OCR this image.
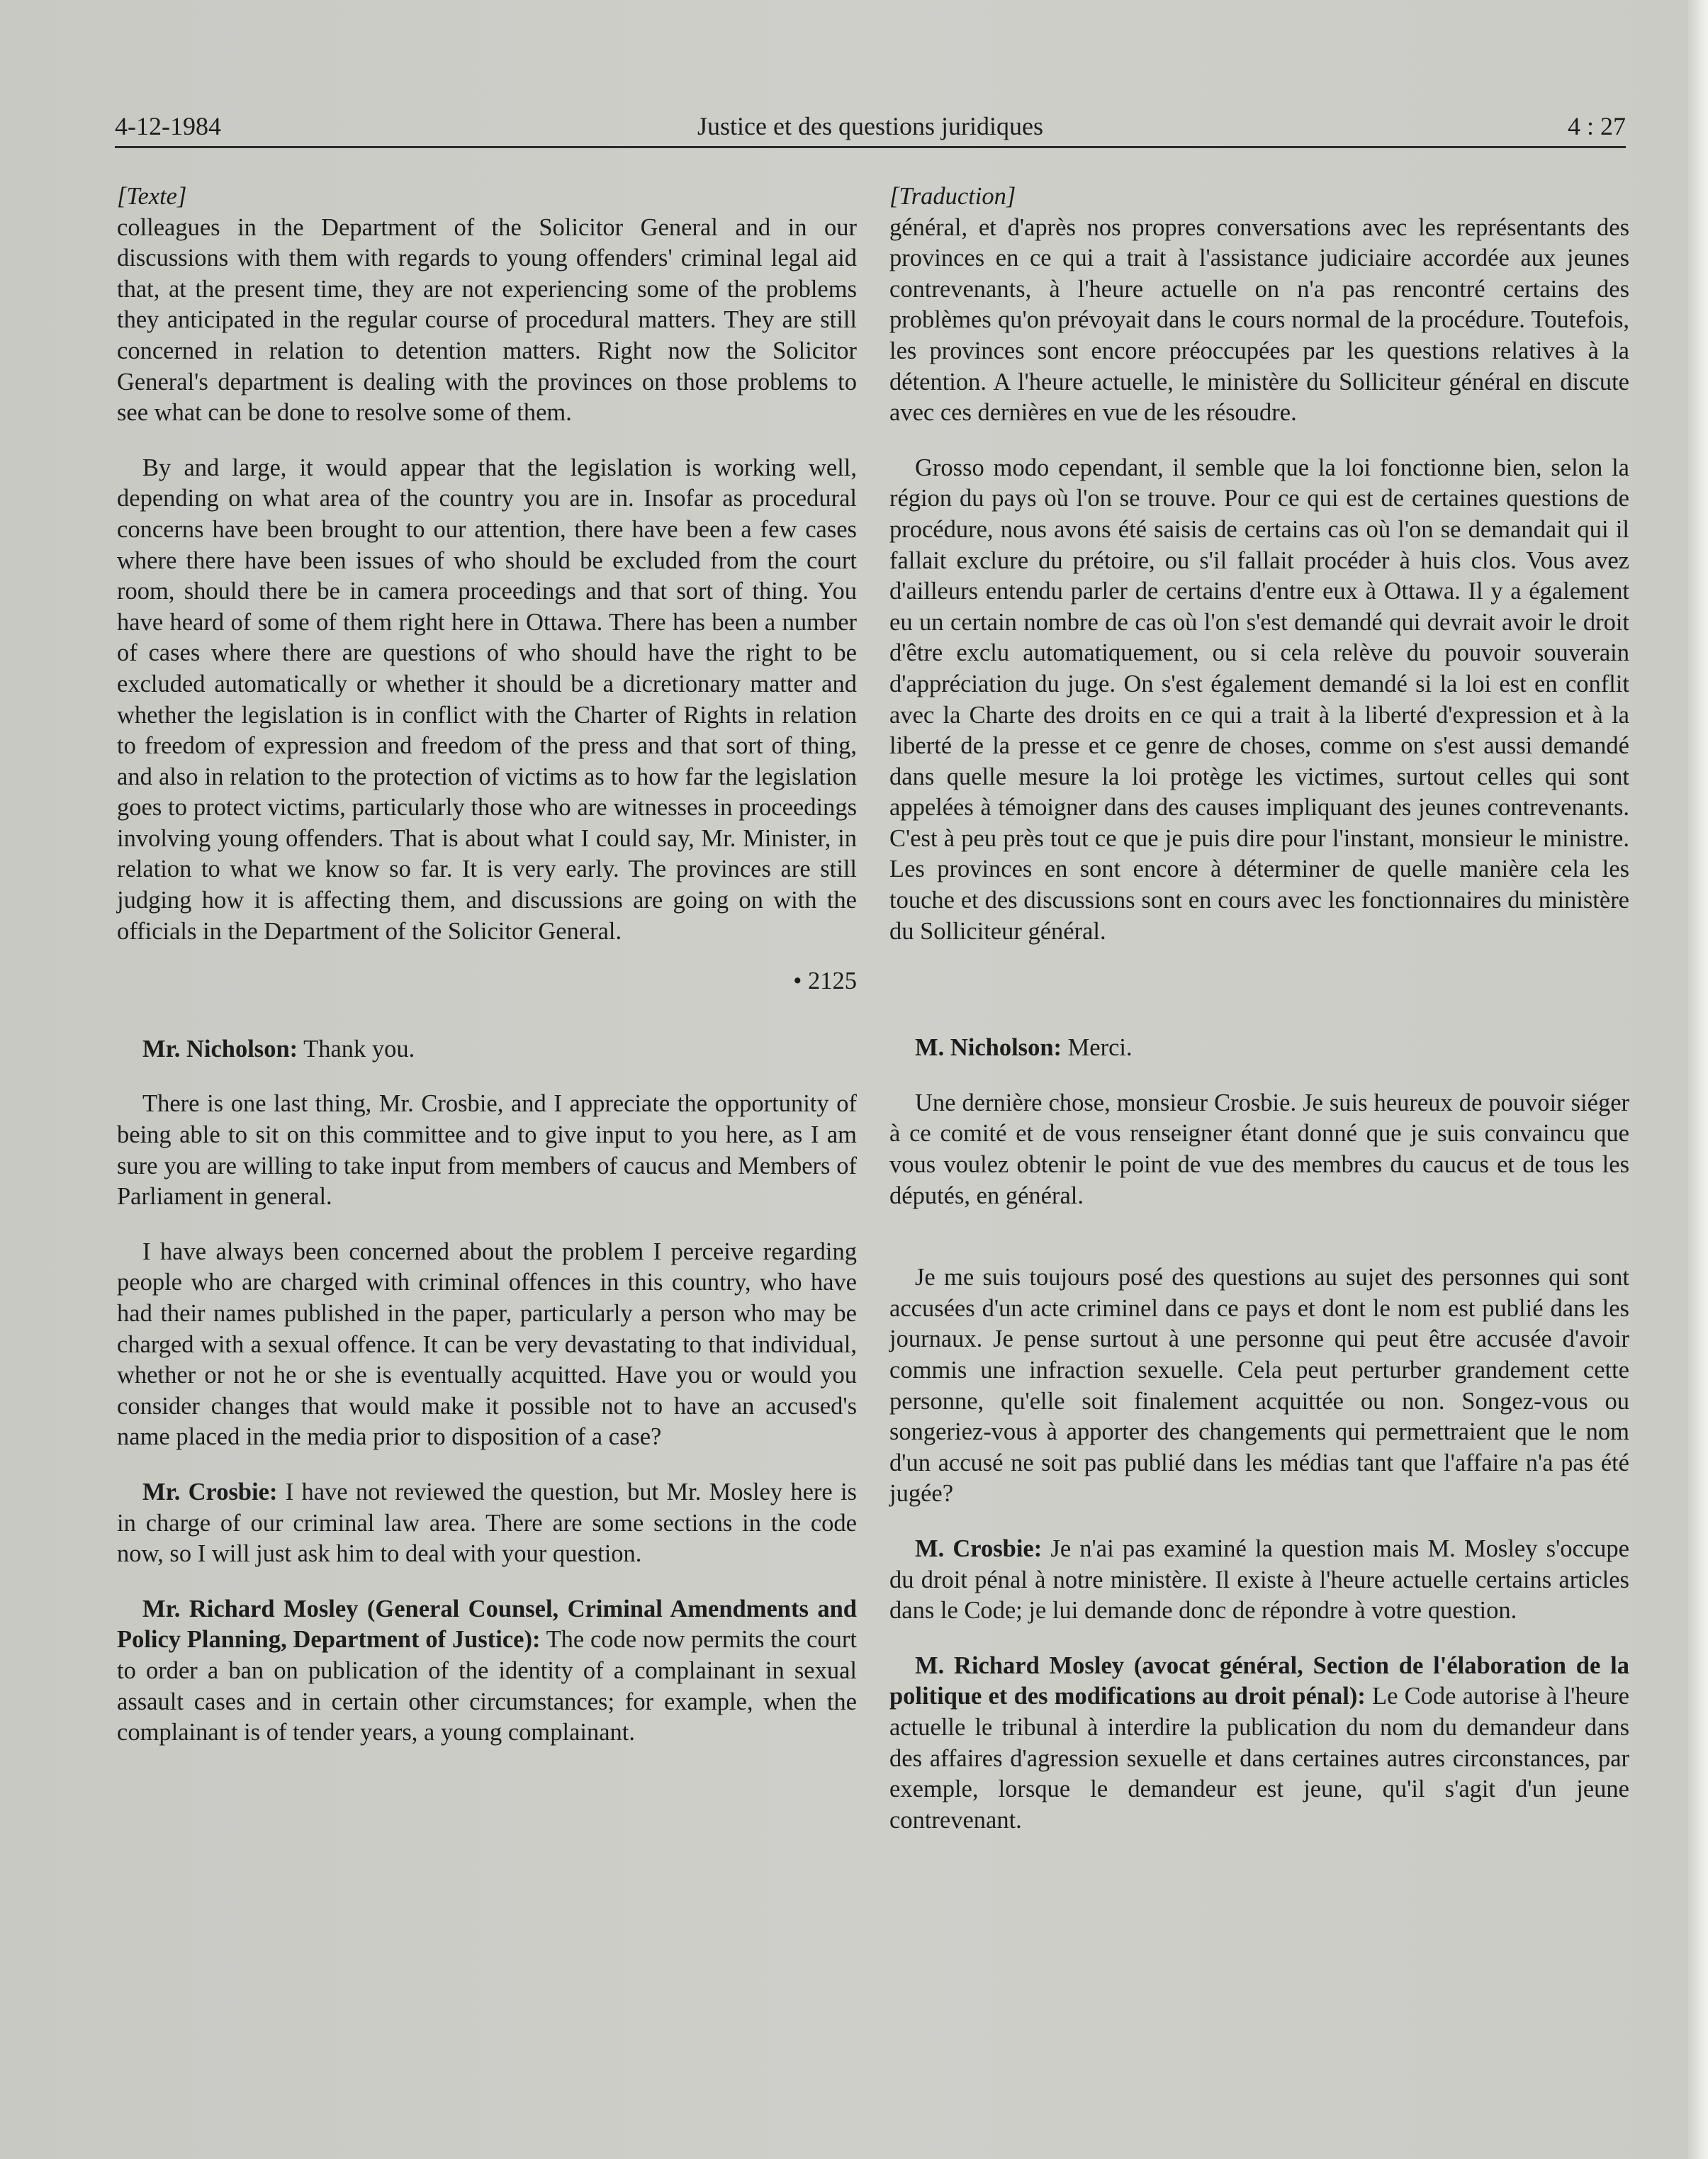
4-12-1984	Justice et des questions juridiques	4 : 27

[Texte]

colleagues in the Department of the Solicitor General and in our discussions with them with regards to young offenders' criminal legal aid that, at the present time, they are not experiencing some of the problems they anticipated in the regular course of procedural matters. They are still concerned in relation to detention matters. Right now the Solicitor General's department is dealing with the provinces on those problems to see what can be done to resolve some of them.

By and large, it would appear that the legislation is working well, depending on what area of the country you are in. Insofar as procedural concerns have been brought to our attention, there have been a few cases where there have been issues of who should be excluded from the court room, should there be in camera proceedings and that sort of thing. You have heard of some of them right here in Ottawa. There has been a number of cases where there are questions of who should have the right to be excluded automatically or whether it should be a dicretionary matter and whether the legislation is in conflict with the Charter of Rights in relation to freedom of expression and freedom of the press and that sort of thing, and also in relation to the protection of victims as to how far the legislation goes to protect victims, particularly those who are witnesses in proceedings involving young offenders. That is about what I could say, Mr. Minister, in relation to what we know so far. It is very early. The provinces are still judging how it is affecting them, and discussions are going on with the officials in the Department of the Solicitor General.

• 2125

Mr. Nicholson: Thank you.

There is one last thing, Mr. Crosbie, and I appreciate the opportunity of being able to sit on this committee and to give input to you here, as I am sure you are willing to take input from members of caucus and Members of Parliament in general.

I have always been concerned about the problem I perceive regarding people who are charged with criminal offences in this country, who have had their names published in the paper, particularly a person who may be charged with a sexual offence. It can be very devastating to that individual, whether or not he or she is eventually acquitted. Have you or would you consider changes that would make it possible not to have an accused's name placed in the media prior to disposition of a case?

Mr. Crosbie: I have not reviewed the question, but Mr. Mosley here is in charge of our criminal law area. There are some sections in the code now, so I will just ask him to deal with your question.

Mr. Richard Mosley (General Counsel, Criminal Amendments and Policy Planning, Department of Justice): The code now permits the court to order a ban on publication of the identity of a complainant in sexual assault cases and in certain other circumstances; for example, when the complainant is of tender years, a young complainant.

[Traduction]

général, et d'après nos propres conversations avec les représentants des provinces en ce qui a trait à l'assistance judiciaire accordée aux jeunes contrevenants, à l'heure actuelle on n'a pas rencontré certains des problèmes qu'on prévoyait dans le cours normal de la procédure. Toutefois, les provinces sont encore préoccupées par les questions relatives à la détention. A l'heure actuelle, le ministère du Solliciteur général en discute avec ces dernières en vue de les résoudre.

Grosso modo cependant, il semble que la loi fonctionne bien, selon la région du pays où l'on se trouve. Pour ce qui est de certaines questions de procédure, nous avons été saisis de certains cas où l'on se demandait qui il fallait exclure du prétoire, ou s'il fallait procéder à huis clos. Vous avez d'ailleurs entendu parler de certains d'entre eux à Ottawa. Il y a également eu un certain nombre de cas où l'on s'est demandé qui devrait avoir le droit d'être exclu automatiquement, ou si cela relève du pouvoir souverain d'appréciation du juge. On s'est également demandé si la loi est en conflit avec la Charte des droits en ce qui a trait à la liberté d'expression et à la liberté de la presse et ce genre de choses, comme on s'est aussi demandé dans quelle mesure la loi protège les victimes, surtout celles qui sont appelées à témoigner dans des causes impliquant des jeunes contrevenants. C'est à peu près tout ce que je puis dire pour l'instant, monsieur le ministre. Les provinces en sont encore à déterminer de quelle manière cela les touche et des discussions sont en cours avec les fonctionnaires du ministère du Solliciteur général.

M. Nicholson: Merci.

Une dernière chose, monsieur Crosbie. Je suis heureux de pouvoir siéger à ce comité et de vous renseigner étant donné que je suis convaincu que vous voulez obtenir le point de vue des membres du caucus et de tous les députés, en général.

Je me suis toujours posé des questions au sujet des personnes qui sont accusées d'un acte criminel dans ce pays et dont le nom est publié dans les journaux. Je pense surtout à une personne qui peut être accusée d'avoir commis une infraction sexuelle. Cela peut perturber grandement cette personne, qu'elle soit finalement acquittée ou non. Songez-vous ou songeriez-vous à apporter des changements qui permettraient que le nom d'un accusé ne soit pas publié dans les médias tant que l'affaire n'a pas été jugée?

M. Crosbie: Je n'ai pas examiné la question mais M. Mosley s'occupe du droit pénal à notre ministère. Il existe à l'heure actuelle certains articles dans le Code; je lui demande donc de répondre à votre question.

M. Richard Mosley (avocat général, Section de l'élaboration de la politique et des modifications au droit pénal): Le Code autorise à l'heure actuelle le tribunal à interdire la publication du nom du demandeur dans des affaires d'agression sexuelle et dans certaines autres circonstances, par exemple, lorsque le demandeur est jeune, qu'il s'agit d'un jeune contrevenant.
